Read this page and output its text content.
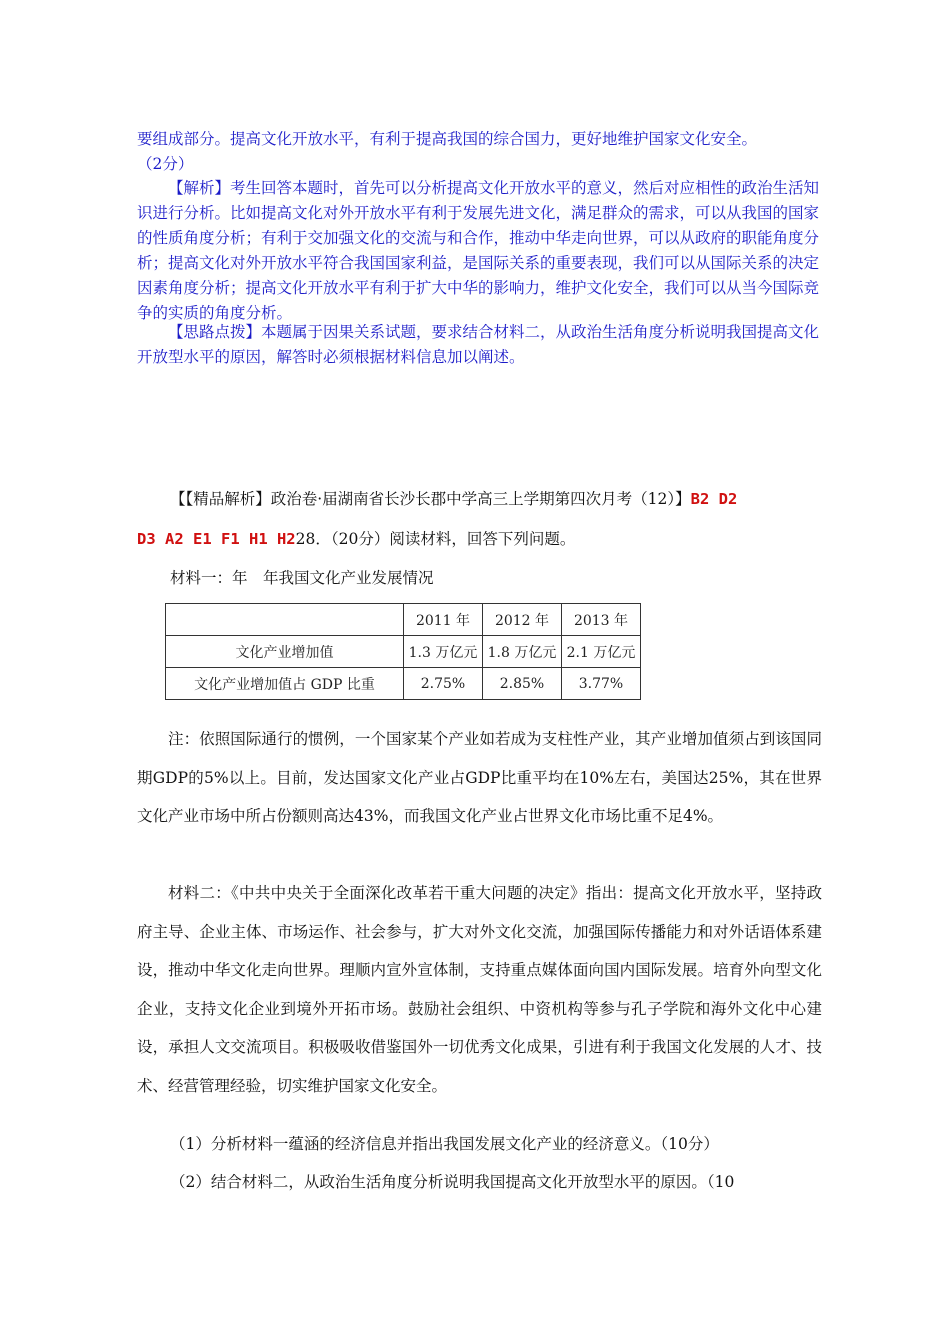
要组成部分。提高文化开放水平，有利于提高我国的综合国力，更好地维护国家文化安全。
（2分）

【解析】考生回答本题时，首先可以分析提高文化开放水平的意义，然后对应相性的政治生活知识进行分析。比如提高文化对外开放水平有利于发展先进文化，满足群众的需求，可以从我国的国家的性质角度分析；有利于交加强文化的交流与和合作，推动中华走向世界，可以从政府的职能角度分析；提高文化对外开放水平符合我国国家利益，是国际关系的重要表现，我们可以从国际关系的决定因素角度分析；提高文化开放水平有利于扩大中华的影响力，维护文化安全，我们可以从当今国际竞争的实质的角度分析。

【思路点拨】本题属于因果关系试题，要求结合材料二，从政治生活角度分析说明我国提高文化开放型水平的原因，解答时必须根据材料信息加以阐述。

【【精品解析】政治卷·届湖南省长沙长郡中学高三上学期第四次月考（12）】B2 D2
D3 A2 E1 F1 H1 H228．（20分）阅读材料，回答下列问题。
材料一：年　年我国文化产业发展情况
	2011 年	2012 年	2013 年
文化产业增加值	1.3 万亿元	1.8 万亿元	2.1 万亿元
文化产业增加值占 GDP 比重	2.75%	2.85%	3.77%

注：依照国际通行的惯例，一个国家某个产业如若成为支柱性产业，其产业增加值须占到该国同期GDP的5%以上。目前，发达国家文化产业占GDP比重平均在10%左右，美国达25%，其在世界文化产业市场中所占份额则高达43%，而我国文化产业占世界文化市场比重不足4%。

材料二：《中共中央关于全面深化改革若干重大问题的决定》指出：提高文化开放水平，坚持政府主导、企业主体、市场运作、社会参与，扩大对外文化交流，加强国际传播能力和对外话语体系建设，推动中华文化走向世界。理顺内宣外宣体制，支持重点媒体面向国内国际发展。培育外向型文化企业，支持文化企业到境外开拓市场。鼓励社会组织、中资机构等参与孔子学院和海外文化中心建设，承担人文交流项目。积极吸收借鉴国外一切优秀文化成果，引进有利于我国文化发展的人才、技术、经营管理经验，切实维护国家文化安全。

（1）分析材料一蕴涵的经济信息并指出我国发展文化产业的经济意义。（10分）
（2）结合材料二，从政治生活角度分析说明我国提高文化开放型水平的原因。（10
